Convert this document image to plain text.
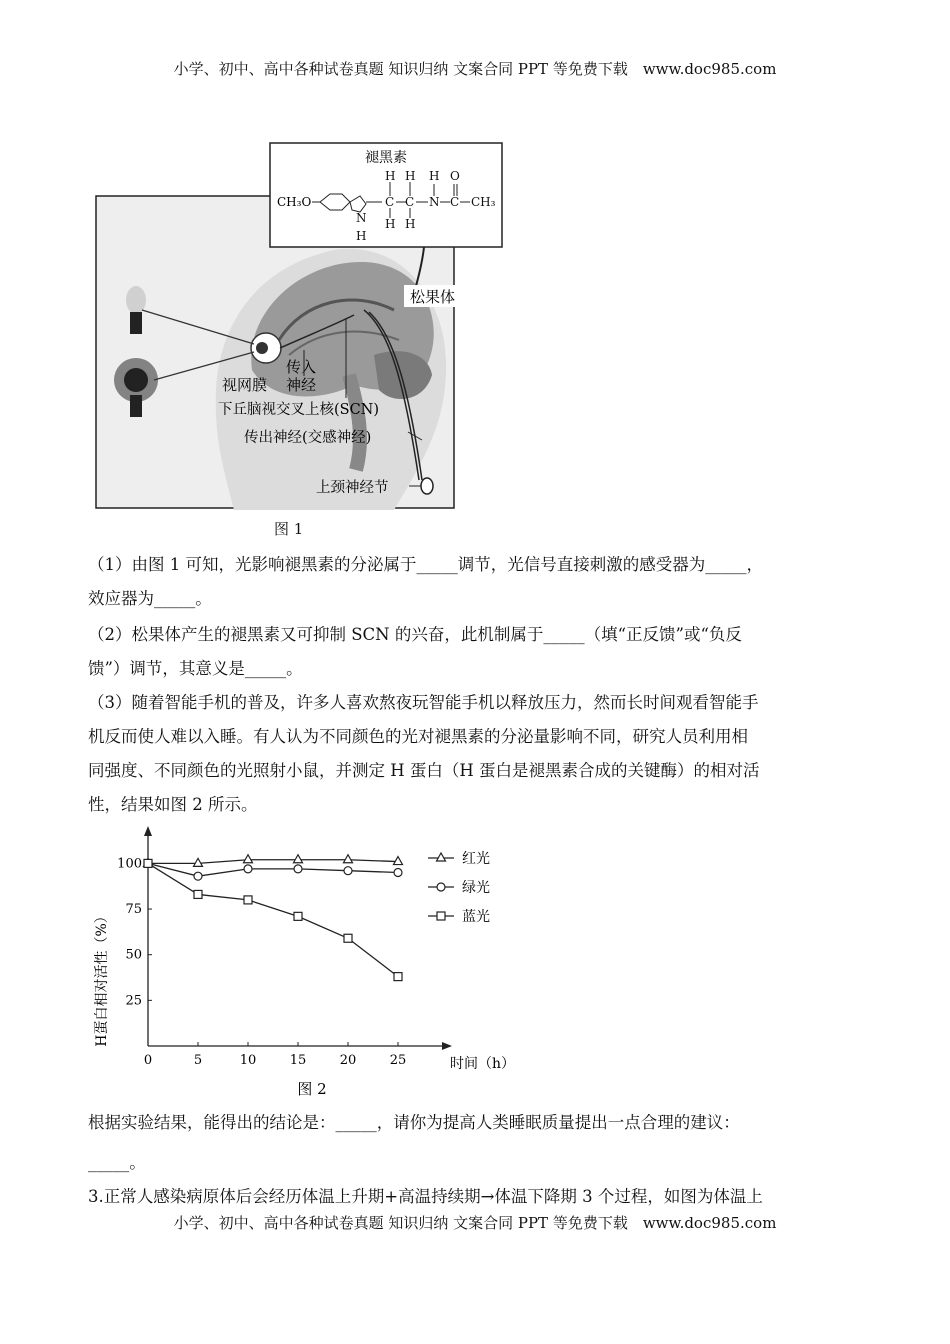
小学、初中、高中各种试卷真题 知识归纳 文案合同 PPT 等免费下载　www.doc985.com
褪黑素
CH₃O
H H H O
C C N C CH₃
H H
N
H
松果体
视网膜
传入
神经
下丘脑视交叉上核(SCN)
传出神经(交感神经)
上颈神经节
图 1
（1）由图 1 可知，光影响褪黑素的分泌属于_____调节，光信号直接刺激的感受器为_____，
效应器为_____。
（2）松果体产生的褪黑素又可抑制 SCN 的兴奋，此机制属于_____（填“正反馈”或“负反
馈”）调节，其意义是_____。
（3）随着智能手机的普及，许多人喜欢熬夜玩智能手机以释放压力，然而长时间观看智能手
机反而使人难以入睡。有人认为不同颜色的光对褪黑素的分泌量影响不同，研究人员利用相
同强度、不同颜色的光照射小鼠，并测定 H 蛋白（H 蛋白是褪黑素合成的关键酶）的相对活
性，结果如图 2 所示。
0	5	10	15	20	25
25
50
75
100	红光
绿光
蓝光
H蛋白相对活性（%）
时间（h）
图 2
根据实验结果，能得出的结论是：_____，请你为提高人类睡眠质量提出一点合理的建议：
_____。
3.正常人感染病原体后会经历体温上升期+高温持续期→体温下降期 3 个过程，如图为体温上
小学、初中、高中各种试卷真题 知识归纳 文案合同 PPT 等免费下载　www.doc985.com
